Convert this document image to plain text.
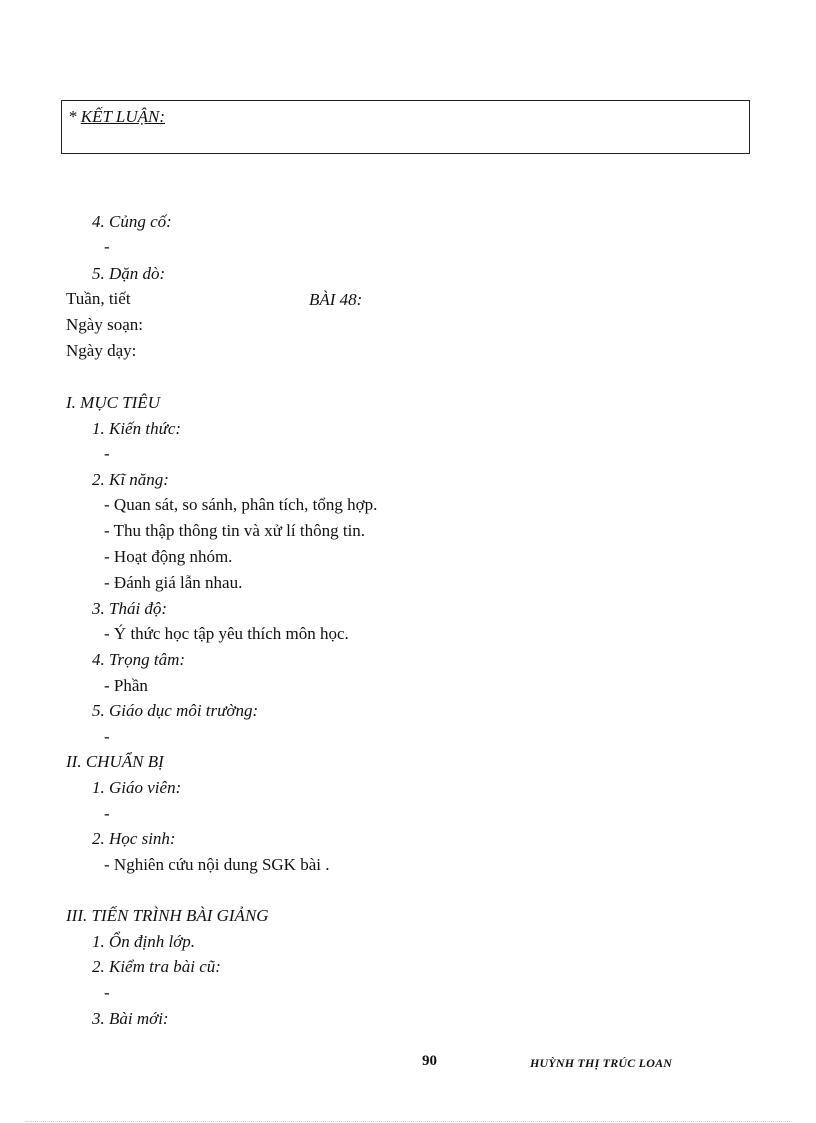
* KẾT LUẬN:
4. Củng cố:
-
5. Dặn dò:
Tuần, tiết	BÀI 48:
Ngày soạn:
Ngày dạy:
I. MỤC TIÊU
1. Kiến thức:
-
2. Kĩ năng:
- Quan sát, so sánh, phân tích, tổng hợp.
- Thu thập thông tin và xử lí thông tin.
- Hoạt động nhóm.
- Đánh giá lẫn nhau.
3. Thái độ:
- Ý thức học tập yêu thích môn học.
4. Trọng tâm:
- Phần
5. Giáo dục môi trường:
-
II. CHUẨN BỊ
1. Giáo viên:
-
2. Học sinh:
- Nghiên cứu nội dung SGK bài .
III. TIẾN TRÌNH BÀI GIẢNG
1. Ổn định lớp.
2. Kiểm tra bài cũ:
-
3. Bài mới:
90	HUỲNH THỊ TRÚC LOAN
